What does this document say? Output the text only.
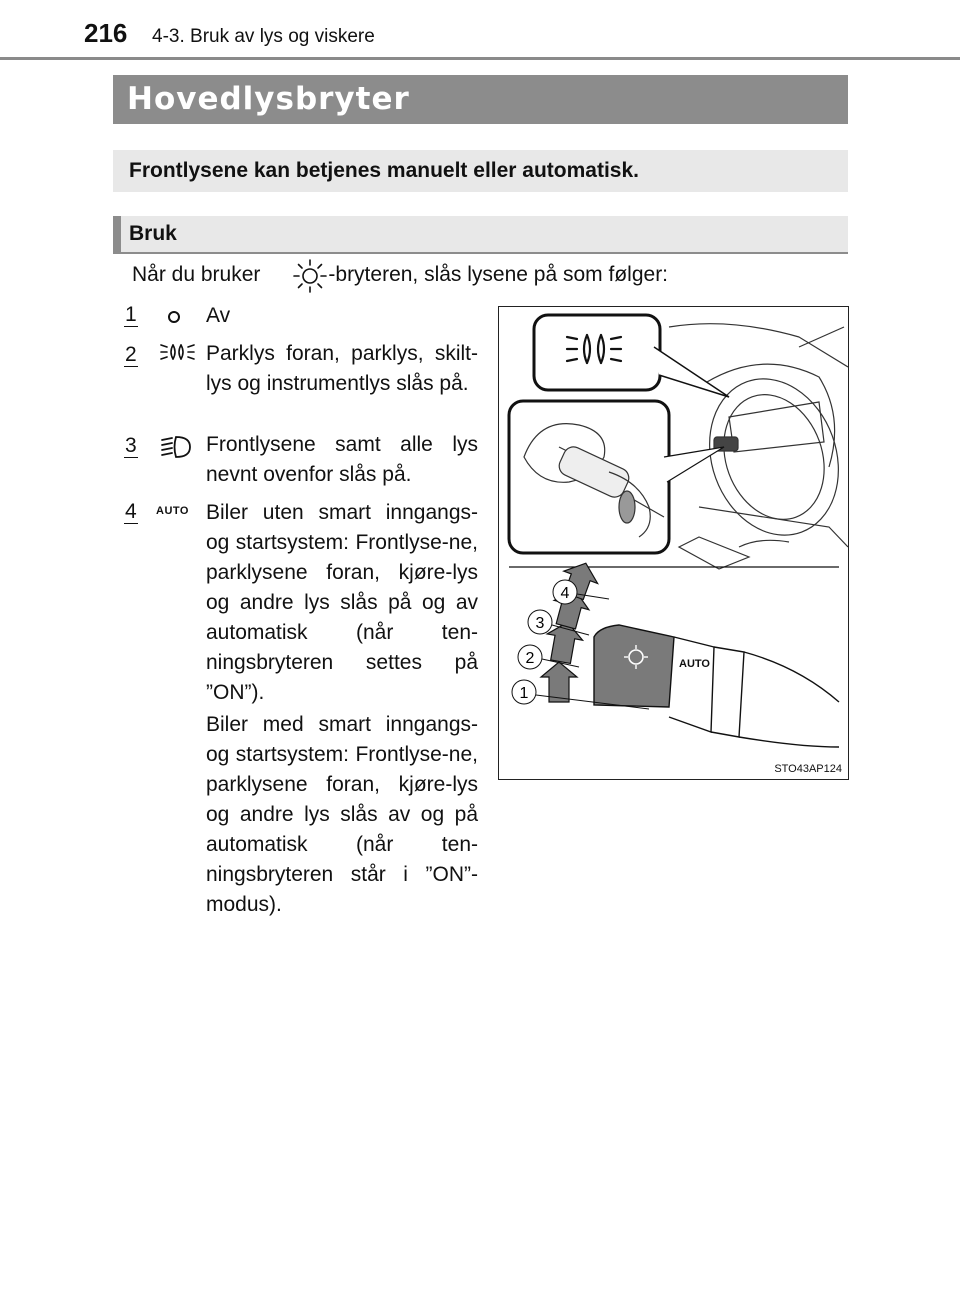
216 4-3. Bruk av lys og viskere
Hovedlysbryter
Frontlysene kan betjenes manuelt eller automatisk.
Bruk
Når du bruker	-bryteren, slås lysene på som følger:
1	Av
2	Parklys foran, parklys, skilt-lys og instrumentlys slås på.
3	Frontlysene samt alle lys nevnt ovenfor slås på.
4 AUTO Biler uten smart inngangs- og startsystem: Frontlyse-ne, parklysene foran, kjøre-lys og andre lys slås på og av automatisk (når ten-ningsbryteren settes på ”ON”).
Biler med smart inngangs- og startsystem: Frontlyse-ne, parklysene foran, kjøre-lys og andre lys slås av og på automatisk (når ten-ningsbryteren står i ”ON”-modus).
AUTO
4
3
2
1
STO43AP124
